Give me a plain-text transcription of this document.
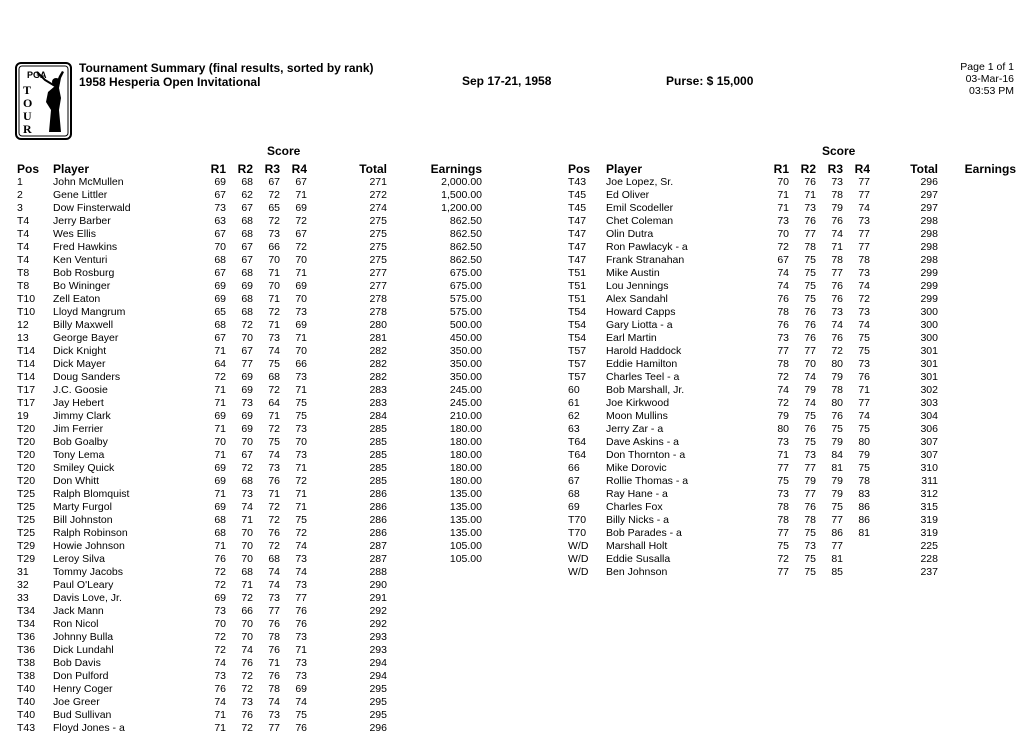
PGA
T
O
U
R
Tournament Summary (final results, sorted by rank)
1958 Hesperia Open Invitational	Sep 17-21, 1958	Purse: $ 15,000
Page 1 of 1
03-Mar-16
03:53 PM
Score	Score
Pos	Player	R1	R2	R3	R4	Total	Earnings
1	John McMullen	69	68	67	67	271	2,000.00
2	Gene Littler	67	62	72	71	272	1,500.00
3	Dow Finsterwald	73	67	65	69	274	1,200.00
T4	Jerry Barber	63	68	72	72	275	862.50
T4	Wes Ellis	67	68	73	67	275	862.50
T4	Fred Hawkins	70	67	66	72	275	862.50
T4	Ken Venturi	68	67	70	70	275	862.50
T8	Bob Rosburg	67	68	71	71	277	675.00
T8	Bo Wininger	69	69	70	69	277	675.00
T10	Zell Eaton	69	68	71	70	278	575.00
T10	Lloyd Mangrum	65	68	72	73	278	575.00
12	Billy Maxwell	68	72	71	69	280	500.00
13	George Bayer	67	70	73	71	281	450.00
T14	Dick Knight	71	67	74	70	282	350.00
T14	Dick Mayer	64	77	75	66	282	350.00
T14	Doug Sanders	72	69	68	73	282	350.00
T17	J.C. Goosie	71	69	72	71	283	245.00
T17	Jay Hebert	71	73	64	75	283	245.00
19	Jimmy Clark	69	69	71	75	284	210.00
T20	Jim Ferrier	71	69	72	73	285	180.00
T20	Bob Goalby	70	70	75	70	285	180.00
T20	Tony Lema	71	67	74	73	285	180.00
T20	Smiley Quick	69	72	73	71	285	180.00
T20	Don Whitt	69	68	76	72	285	180.00
T25	Ralph Blomquist	71	73	71	71	286	135.00
T25	Marty Furgol	69	74	72	71	286	135.00
T25	Bill Johnston	68	71	72	75	286	135.00
T25	Ralph Robinson	68	70	76	72	286	135.00
T29	Howie Johnson	71	70	72	74	287	105.00
T29	Leroy Silva	76	70	68	73	287	105.00
31	Tommy Jacobs	72	68	74	74	288	
32	Paul O'Leary	72	71	74	73	290	
33	Davis Love, Jr.	69	72	73	77	291	
T34	Jack Mann	73	66	77	76	292	
T34	Ron Nicol	70	70	76	76	292	
T36	Johnny Bulla	72	70	78	73	293	
T36	Dick Lundahl	72	74	76	71	293	
T38	Bob Davis	74	76	71	73	294	
T38	Don Pulford	73	72	76	73	294	
T40	Henry Coger	76	72	78	69	295	
T40	Joe Greer	74	73	74	74	295	
T40	Bud Sullivan	71	76	73	75	295	
T43	Floyd Jones - a	71	72	77	76	296	
Pos	Player	R1	R2	R3	R4	Total	Earnings
T43	Joe Lopez, Sr.	70	76	73	77	296	
T45	Ed Oliver	71	71	78	77	297	
T45	Emil Scodeller	71	73	79	74	297	
T47	Chet Coleman	73	76	76	73	298	
T47	Olin Dutra	70	77	74	77	298	
T47	Ron Pawlacyk - a	72	78	71	77	298	
T47	Frank Stranahan	67	75	78	78	298	
T51	Mike Austin	74	75	77	73	299	
T51	Lou Jennings	74	75	76	74	299	
T51	Alex Sandahl	76	75	76	72	299	
T54	Howard Capps	78	76	73	73	300	
T54	Gary Liotta - a	76	76	74	74	300	
T54	Earl Martin	73	76	76	75	300	
T57	Harold Haddock	77	77	72	75	301	
T57	Eddie Hamilton	78	70	80	73	301	
T57	Charles Teel - a	72	74	79	76	301	
60	Bob Marshall, Jr.	74	79	78	71	302	
61	Joe Kirkwood	72	74	80	77	303	
62	Moon Mullins	79	75	76	74	304	
63	Jerry Zar - a	80	76	75	75	306	
T64	Dave Askins - a	73	75	79	80	307	
T64	Don Thornton - a	71	73	84	79	307	
66	Mike Dorovic	77	77	81	75	310	
67	Rollie Thomas - a	75	79	79	78	311	
68	Ray Hane - a	73	77	79	83	312	
69	Charles Fox	78	76	75	86	315	
T70	Billy Nicks - a	78	78	77	86	319	
T70	Bob Parades - a	77	75	86	81	319	
W/D	Marshall Holt	75	73	77		225	
W/D	Eddie Susalla	72	75	81		228	
W/D	Ben Johnson	77	75	85		237	
